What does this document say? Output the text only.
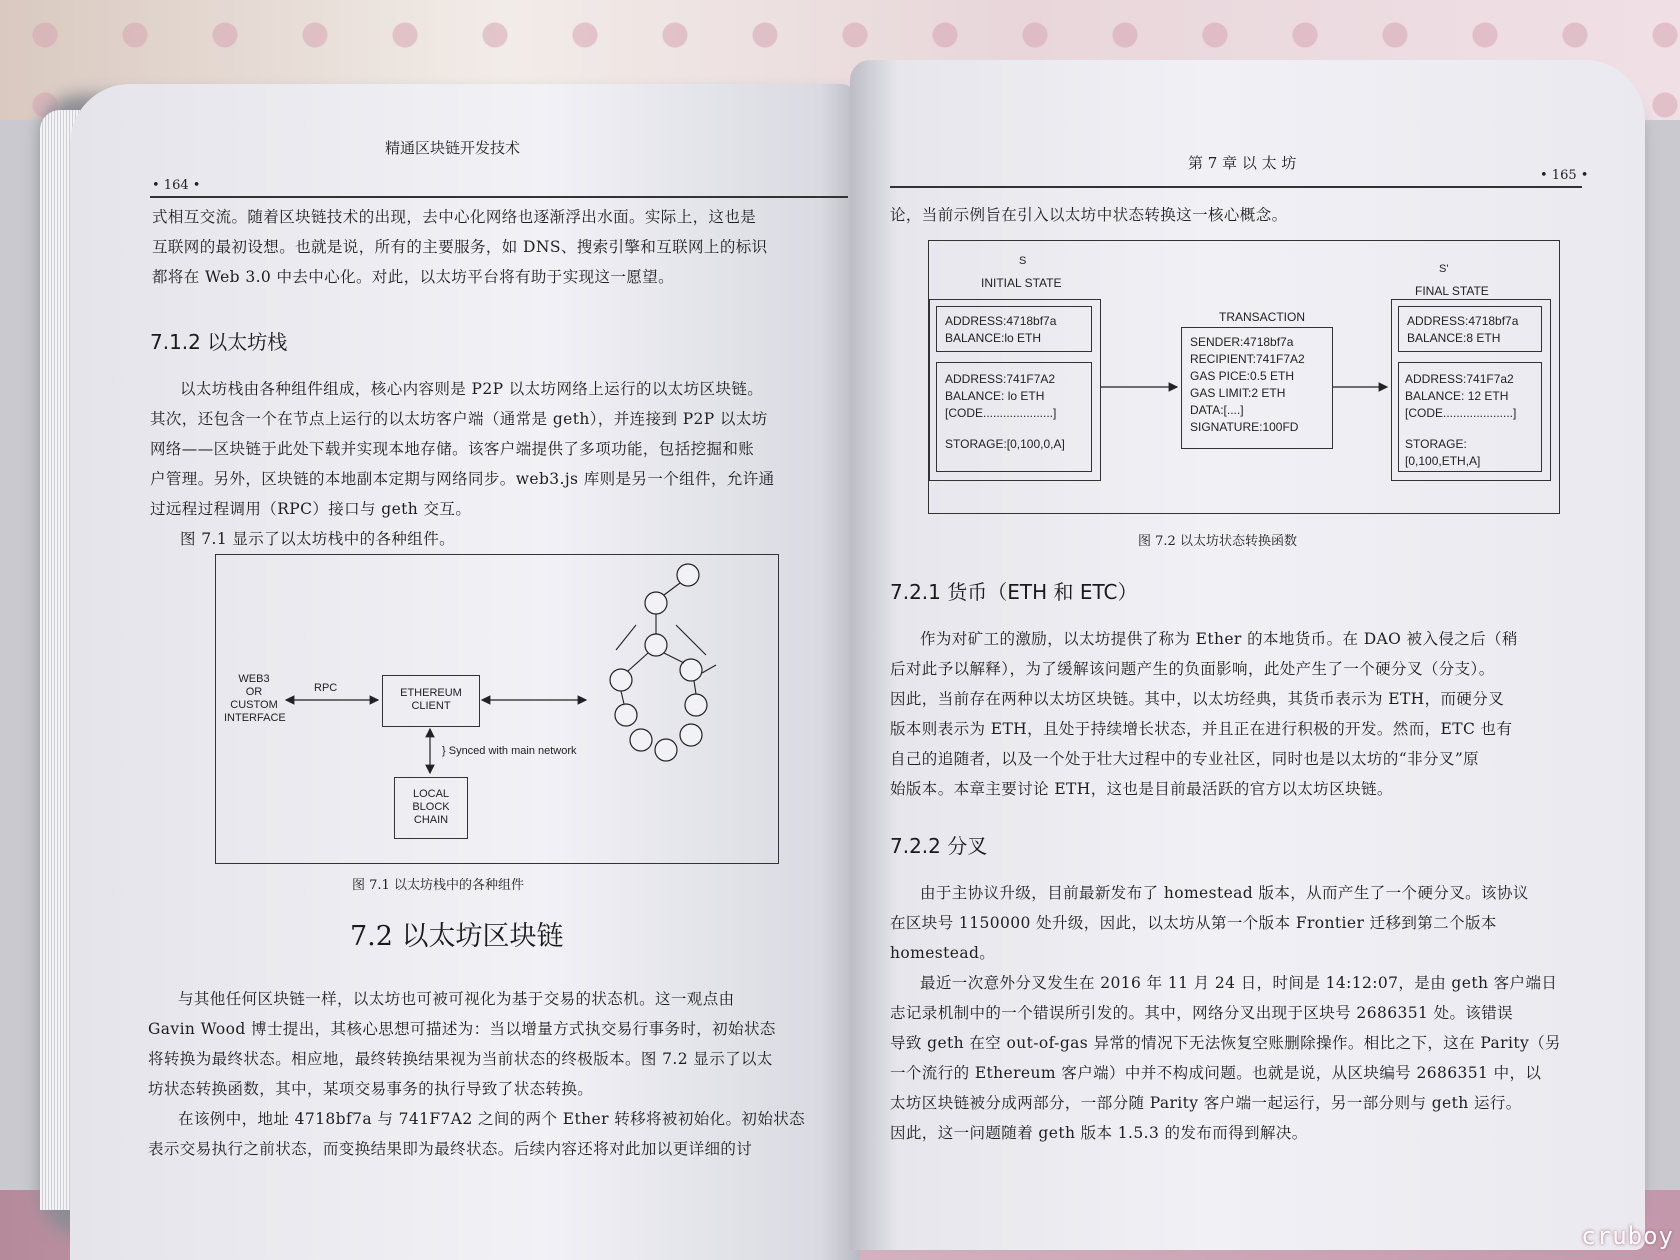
精通区块链开发技术
• 164 •

式相互交流。随着区块链技术的出现，去中心化网络也逐渐浮出水面。实际上，这也是

互联网的最初设想。也就是说，所有的主要服务，如 DNS、搜索引擎和互联网上的标识

都将在 Web 3.0 中去中心化。对此，以太坊平台将有助于实现这一愿望。

7.1.2 以太坊栈

以太坊栈由各种组件组成，核心内容则是 P2P 以太坊网络上运行的以太坊区块链。

其次，还包含一个在节点上运行的以太坊客户端（通常是 geth），并连接到 P2P 以太坊

网络——区块链于此处下载并实现本地存储。该客户端提供了多项功能，包括挖掘和账

户管理。另外，区块链的本地副本定期与网络同步。web3.js 库则是另一个组件，允许通

过远程过程调用（RPC）接口与 geth 交互。

图 7.1 显示了以太坊栈中的各种组件。

WEB3
OR
CUSTOM
INTERFACE
RPC	ETHEREUM
CLIENT
} Synced with main network
LOCAL
BLOCK
CHAIN
图 7.1 以太坊栈中的各种组件
7.2 以太坊区块链

与其他任何区块链一样，以太坊也可被可视化为基于交易的状态机。这一观点由

Gavin Wood 博士提出，其核心思想可描述为：当以增量方式执交易行事务时，初始状态

将转换为最终状态。相应地，最终转换结果视为当前状态的终极版本。图 7.2 显示了以太

坊状态转换函数，其中，某项交易事务的执行导致了状态转换。

在该例中，地址 4718bf7a 与 741F7A2 之间的两个 Ether 转移将被初始化。初始状态

表示交易执行之前状态，而变换结果即为最终状态。后续内容还将对此加以更详细的讨

第 7 章 以 太 坊
• 165 •
论，当前示例旨在引入以太坊中状态转换这一核心概念。
S
INITIAL STATE
S'
FINAL STATE
TRANSACTION
ADDRESS:4718bf7a
BALANCE:lo ETH
ADDRESS:741F7A2
BALANCE: lo ETH
[CODE.....................]
STORAGE:[0,100,0,A]
SENDER:4718bf7a
RECIPIENT:741F7A2
GAS PICE:0.5 ETH
GAS LIMIT:2 ETH
DATA:[....]
SIGNATURE:100FD
ADDRESS:4718bf7a
BALANCE:8 ETH
ADDRESS:741F7a2
BALANCE: 12 ETH
[CODE.....................]
STORAGE:[0,100,ETH,A]
图 7.2 以太坊状态转换函数
7.2.1 货币（ETH 和 ETC）

作为对矿工的激励，以太坊提供了称为 Ether 的本地货币。在 DAO 被入侵之后（稍

后对此予以解释），为了缓解该问题产生的负面影响，此处产生了一个硬分叉（分支）。

因此，当前存在两种以太坊区块链。其中，以太坊经典，其货币表示为 ETH，而硬分叉

版本则表示为 ETH，且处于持续增长状态，并且正在进行积极的开发。然而，ETC 也有

自己的追随者，以及一个处于壮大过程中的专业社区，同时也是以太坊的“非分叉”原

始版本。本章主要讨论 ETH，这也是目前最活跃的官方以太坊区块链。

7.2.2 分叉

由于主协议升级，目前最新发布了 homestead 版本，从而产生了一个硬分叉。该协议

在区块号 1150000 处升级，因此，以太坊从第一个版本 Frontier 迁移到第二个版本

homestead。

最近一次意外分叉发生在 2016 年 11 月 24 日，时间是 14:12:07，是由 geth 客户端日

志记录机制中的一个错误所引发的。其中，网络分叉出现于区块号 2686351 处。该错误

导致 geth 在空 out-of-gas 异常的情况下无法恢复空账删除操作。相比之下，这在 Parity（另

一个流行的 Ethereum 客户端）中并不构成问题。也就是说，从区块编号 2686351 中，以

太坊区块链被分成两部分，一部分随 Parity 客户端一起运行，另一部分则与 geth 运行。

因此，这一问题随着 geth 版本 1.5.3 的发布而得到解决。

cruboy
